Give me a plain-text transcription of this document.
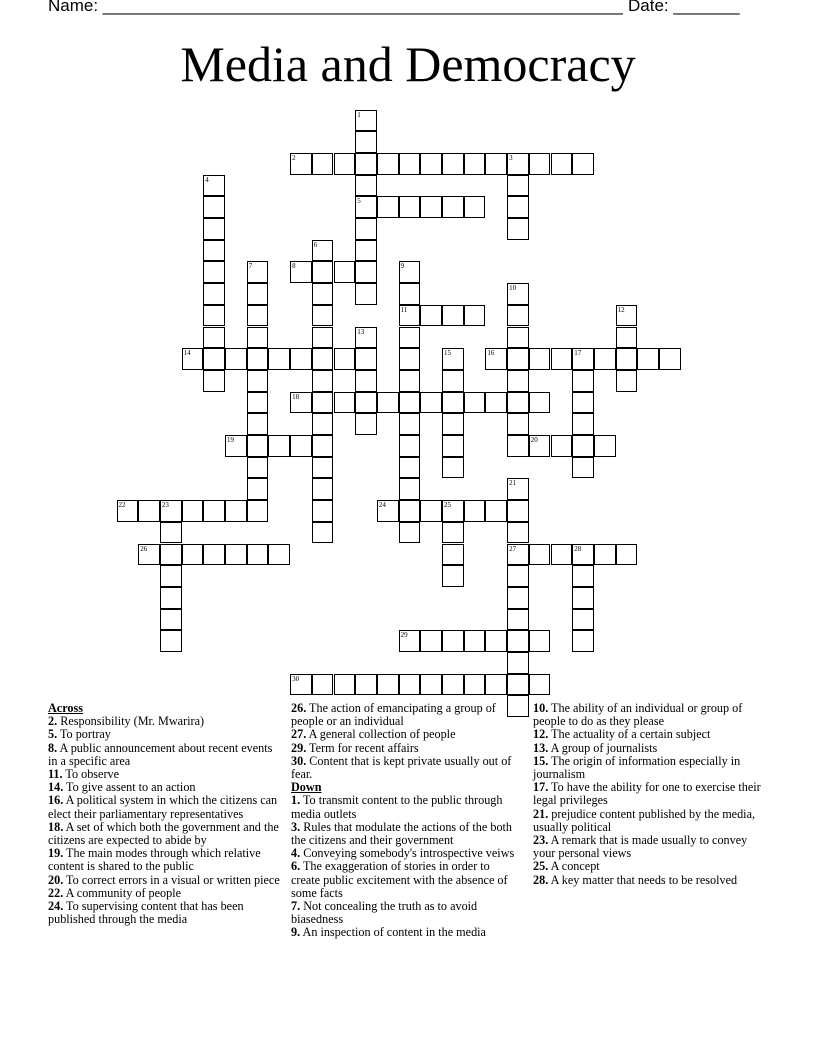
Name: _______________________________________________________ Date: _______
Media and Democracy
1
5
2	3
4
6
7	8	9
11
10
12
13
14	15	16	17
18
19	20
21
27
22	23	24	25
26	28
29
30

Across

2. Responsibility (Mr. Mwarira)

5. To portray

8. A public announcement about recent events in a specific area

11. To observe

14. To give assent to an action

16. A political system in which the citizens can elect their parliamentary representatives

18. A set of which both the government and the citizens are expected to abide by

19. The main modes through which relative content is shared to the public

20. To correct errors in a visual or written piece

22. A community of people

24. To supervising content that has been published through the media

26. The action of emancipating a group of people or an individual

27. A general collection of people

29. Term for recent affairs

30. Content that is kept private usually out of fear.

Down

1. To transmit content to the public through media outlets

3. Rules that modulate the actions of the both the citizens and their government

4. Conveying somebody's introspective veiws

6. The exaggeration of stories in order to create public excitement with the absence of some facts

7. Not concealing the truth as to avoid biasedness

9. An inspection of content in the media

10. The ability of an individual or group of people to do as they please

12. The actuality of a certain subject

13. A group of journalists

15. The origin of information especially in journalism

17. To have the ability for one to exercise their legal privileges

21. prejudice content published by the media, usually political

23. A remark that is made usually to convey your personal views

25. A concept

28. A key matter that needs to be resolved
